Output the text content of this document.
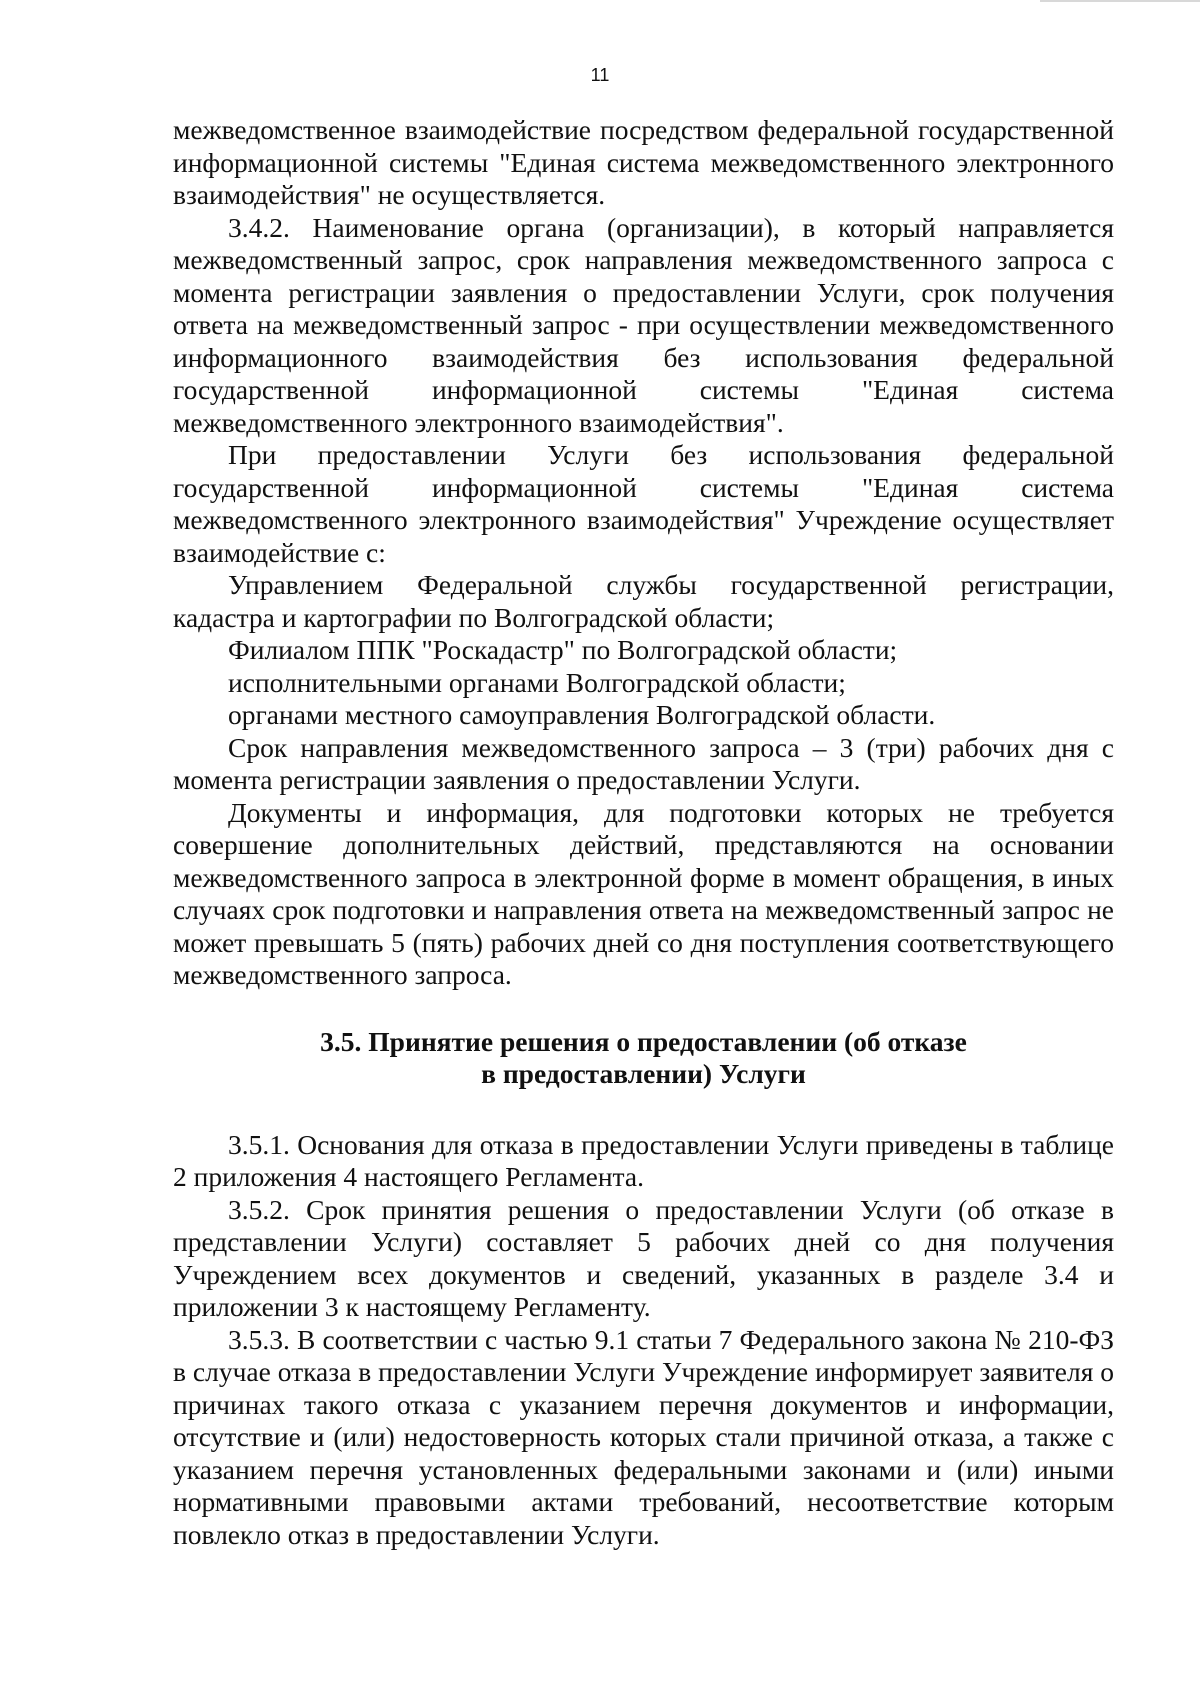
11

межведомственное взаимодействие посредством федеральной государственной информационной системы "Единая система межведомственного электронного взаимодействия" не осуществляется.

3.4.2. Наименование органа (организации), в который направляется межведомственный запрос, срок направления межведомственного запроса с момента регистрации заявления о предоставлении Услуги, срок получения ответа на межведомственный запрос - при осуществлении межведомственного информационного взаимодействия без использования федеральной государственной информационной системы "Единая система межведомственного электронного взаимодействия".

При предоставлении Услуги без использования федеральной государственной информационной системы "Единая система межведомственного электронного взаимодействия" Учреждение осуществляет взаимодействие с:

Управлением Федеральной службы государственной регистрации, кадастра и картографии по Волгоградской области;

Филиалом ППК "Роскадастр" по Волгоградской области;

исполнительными органами Волгоградской области;

органами местного самоуправления Волгоградской области.

Срок направления межведомственного запроса – 3 (три) рабочих дня с момента регистрации заявления о предоставлении Услуги.

Документы и информация, для подготовки которых не требуется совершение дополнительных действий, представляются на основании межведомственного запроса в электронной форме в момент обращения, в иных случаях срок подготовки и направления ответа на межведомственный запрос не может превышать 5 (пять) рабочих дней со дня поступления соответствующего межведомственного запроса.

3.5. Принятие решения о предоставлении (об отказе
в предоставлении) Услуги

3.5.1. Основания для отказа в предоставлении Услуги приведены в таблице 2 приложения 4 настоящего Регламента.

3.5.2. Срок принятия решения о предоставлении Услуги (об отказе в представлении Услуги) составляет 5 рабочих дней со дня получения Учреждением всех документов и сведений, указанных в разделе 3.4 и приложении 3 к настоящему Регламенту.

3.5.3. В соответствии с частью 9.1 статьи 7 Федерального закона № 210-ФЗ в случае отказа в предоставлении Услуги Учреждение информирует заявителя о причинах такого отказа с указанием перечня документов и информации, отсутствие и (или) недостоверность которых стали причиной отказа, а также с указанием перечня установленных федеральными законами и (или) иными нормативными правовыми актами требований, несоответствие которым повлекло отказ в предоставлении Услуги.
